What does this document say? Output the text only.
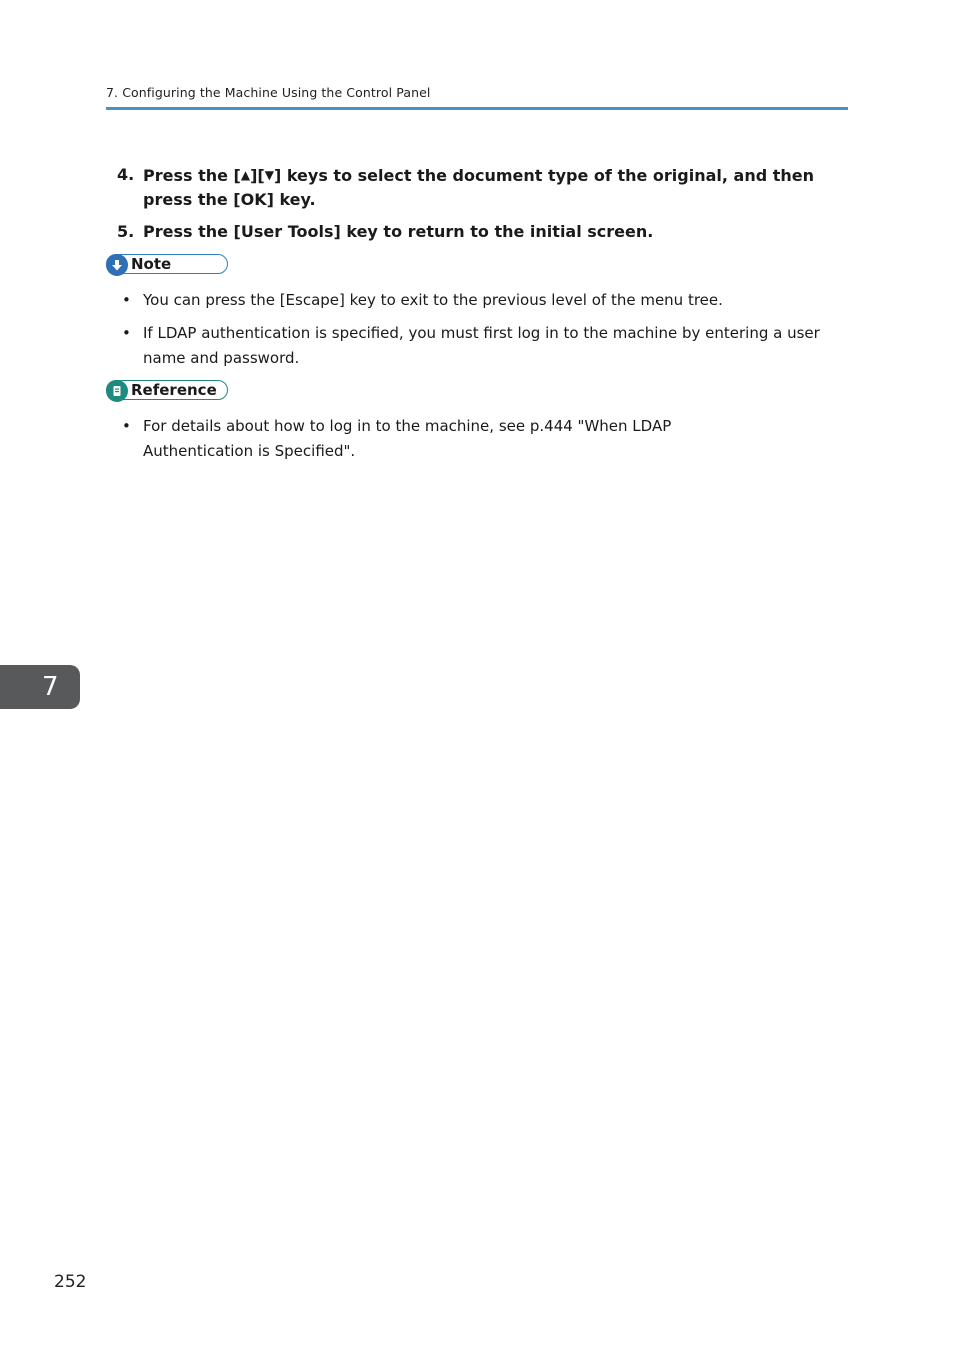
7. Configuring the Machine Using the Control Panel
4. Press the [▲][▼] keys to select the document type of the original, and then press the [OK] key.
5. Press the [User Tools] key to return to the initial screen.
Note
• You can press the [Escape] key to exit to the previous level of the menu tree.
• If LDAP authentication is specified, you must first log in to the machine by entering a user name and password.
Reference
• For details about how to log in to the machine, see p.444 "When LDAP Authentication is Specified".
7
252
